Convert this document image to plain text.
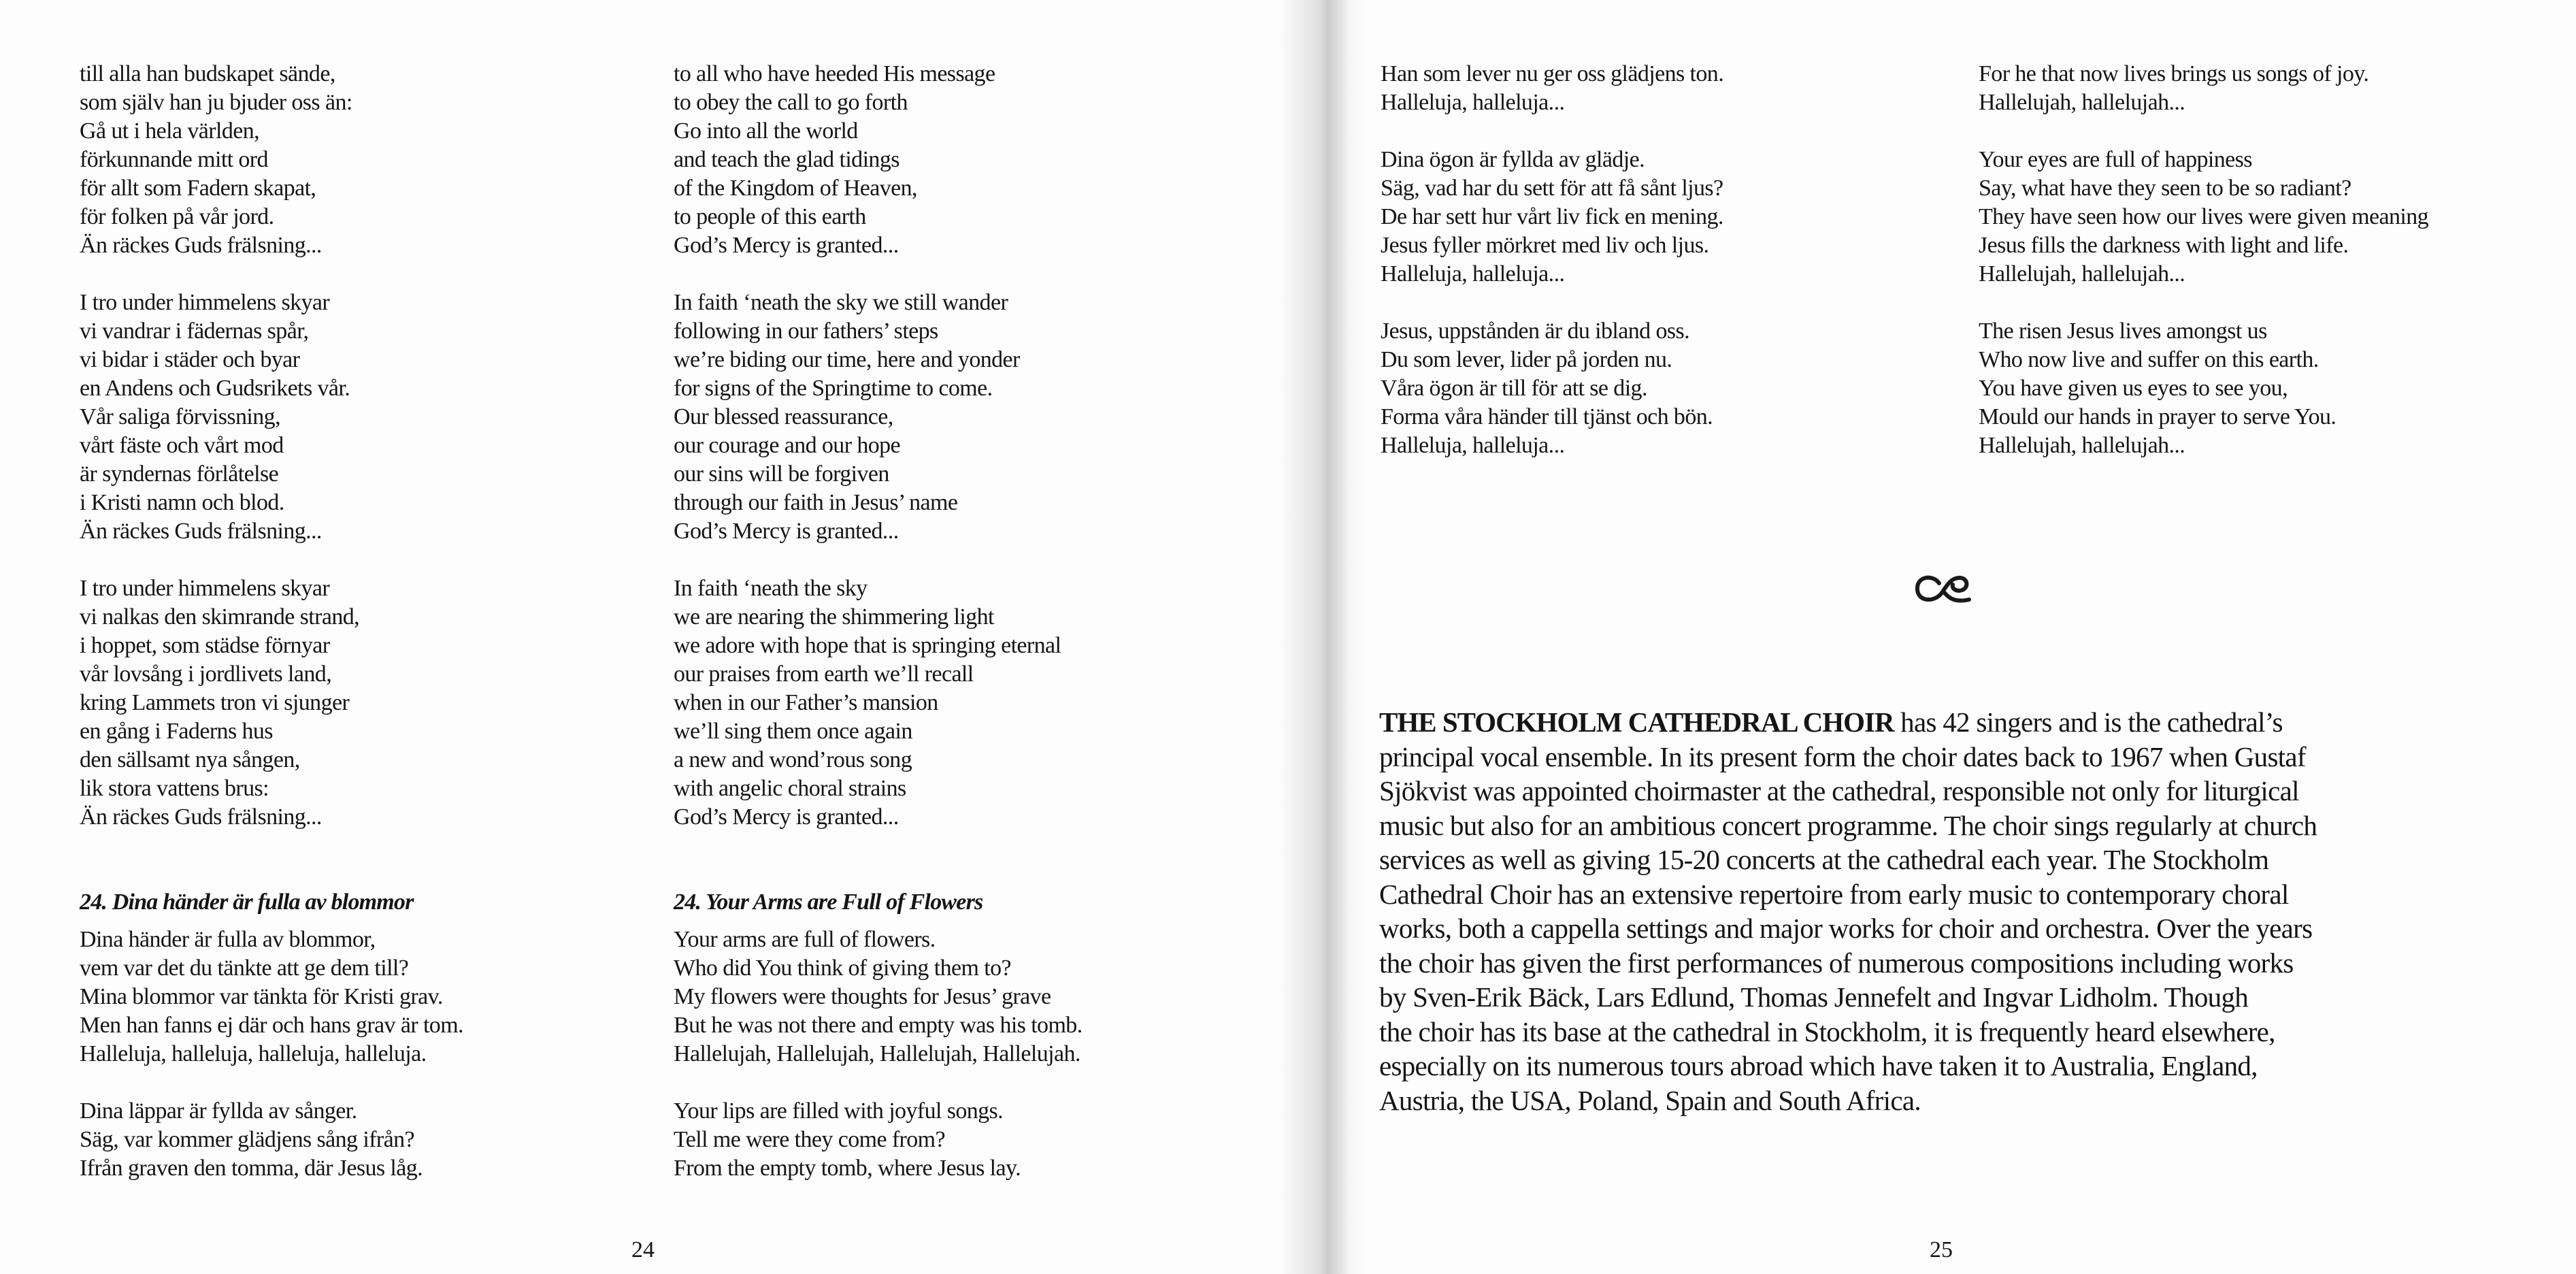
till alla han budskapet sände,
som själv han ju bjuder oss än:
Gå ut i hela världen,
förkunnande mitt ord
för allt som Fadern skapat,
för folken på vår jord.
Än räckes Guds frälsning...
I tro under himmelens skyar
vi vandrar i fädernas spår,
vi bidar i städer och byar
en Andens och Gudsrikets vår.
Vår saliga förvissning,
vårt fäste och vårt mod
är syndernas förlåtelse
i Kristi namn och blod.
Än räckes Guds frälsning...
I tro under himmelens skyar
vi nalkas den skimrande strand,
i hoppet, som städse förnyar
vår lovsång i jordlivets land,
kring Lammets tron vi sjunger
en gång i Faderns hus
den sällsamt nya sången,
lik stora vattens brus:
Än räckes Guds frälsning...
to all who have heeded His message
to obey the call to go forth
Go into all the world
and teach the glad tidings
of the Kingdom of Heaven,
to people of this earth
God’s Mercy is granted...
In faith ‘neath the sky we still wander
following in our fathers’ steps
we’re biding our time, here and yonder
for signs of the Springtime to come.
Our blessed reassurance,
our courage and our hope
our sins will be forgiven
through our faith in Jesus’ name
God’s Mercy is granted...
In faith ‘neath the sky
we are nearing the shimmering light
we adore with hope that is springing eternal
our praises from earth we’ll recall
when in our Father’s mansion
we’ll sing them once again
a new and wond’rous song
with angelic choral strains
God’s Mercy is granted...
24. Dina händer är fulla av blommor	24. Your Arms are Full of Flowers
Dina händer är fulla av blommor,
vem var det du tänkte att ge dem till?
Mina blommor var tänkta för Kristi grav.
Men han fanns ej där och hans grav är tom.
Halleluja, halleluja, halleluja, halleluja.
Dina läppar är fyllda av sånger.
Säg, var kommer glädjens sång ifrån?
Ifrån graven den tomma, där Jesus låg.
Your arms are full of flowers.
Who did You think of giving them to?
My flowers were thoughts for Jesus’ grave
But he was not there and empty was his tomb.
Hallelujah, Hallelujah, Hallelujah, Hallelujah.
Your lips are filled with joyful songs.
Tell me were they come from?
From the empty tomb, where Jesus lay.
24
Han som lever nu ger oss glädjens ton.
Halleluja, halleluja...
Dina ögon är fyllda av glädje.
Säg, vad har du sett för att få sånt ljus?
De har sett hur vårt liv fick en mening.
Jesus fyller mörkret med liv och ljus.
Halleluja, halleluja...
Jesus, uppstånden är du ibland oss.
Du som lever, lider på jorden nu.
Våra ögon är till för att se dig.
Forma våra händer till tjänst och bön.
Halleluja, halleluja...
For he that now lives brings us songs of joy.
Hallelujah, hallelujah...
Your eyes are full of happiness
Say, what have they seen to be so radiant?
They have seen how our lives were given meaning
Jesus fills the darkness with light and life.
Hallelujah, hallelujah...
The risen Jesus lives amongst us
Who now live and suffer on this earth.
You have given us eyes to see you,
Mould our hands in prayer to serve You.
Hallelujah, hallelujah...
THE STOCKHOLM CATHEDRAL CHOIR has 42 singers and is the cathedral’s
principal vocal ensemble. In its present form the choir dates back to 1967 when Gustaf
Sjökvist was appointed choirmaster at the cathedral, responsible not only for liturgical
music but also for an ambitious concert programme. The choir sings regularly at church
services as well as giving 15-20 concerts at the cathedral each year. The Stockholm
Cathedral Choir has an extensive repertoire from early music to contemporary choral
works, both a cappella settings and major works for choir and orchestra. Over the years
the choir has given the first performances of numerous compositions including works
by Sven-Erik Bäck, Lars Edlund, Thomas Jennefelt and Ingvar Lidholm. Though
the choir has its base at the cathedral in Stockholm, it is frequently heard elsewhere,
especially on its numerous tours abroad which have taken it to Australia, England,
Austria, the USA, Poland, Spain and South Africa.
25
